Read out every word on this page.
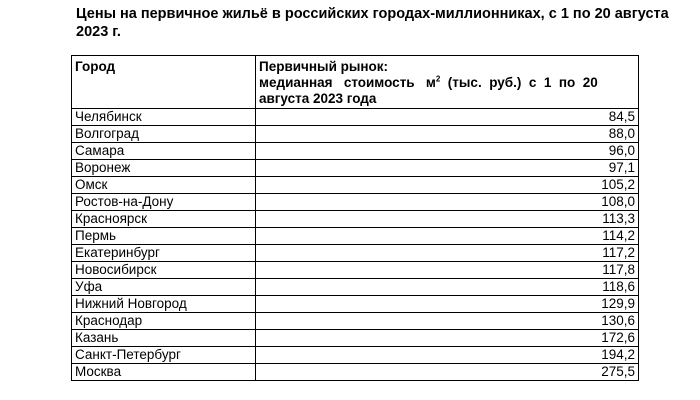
Цены на первичное жильё в российских городах-миллионниках, с 1 по 20 августа 2023 г.
Город	Первичный рынок:
медианная   стоимость   $м^2$  (тыс.  руб.)  с  1  по  20
августа 2023 года

Челябинск	84,5
Волгоград	88,0
Самара	96,0
Воронеж	97,1
Омск	105,2
Ростов-на-Дону	108,0
Красноярск	113,3
Пермь	114,2
Екатеринбург	117,2
Новосибирск	117,8
Уфа	118,6
Нижний Новгород	129,9
Краснодар	130,6
Казань	172,6
Санкт-Петербург	194,2
Москва	275,5
